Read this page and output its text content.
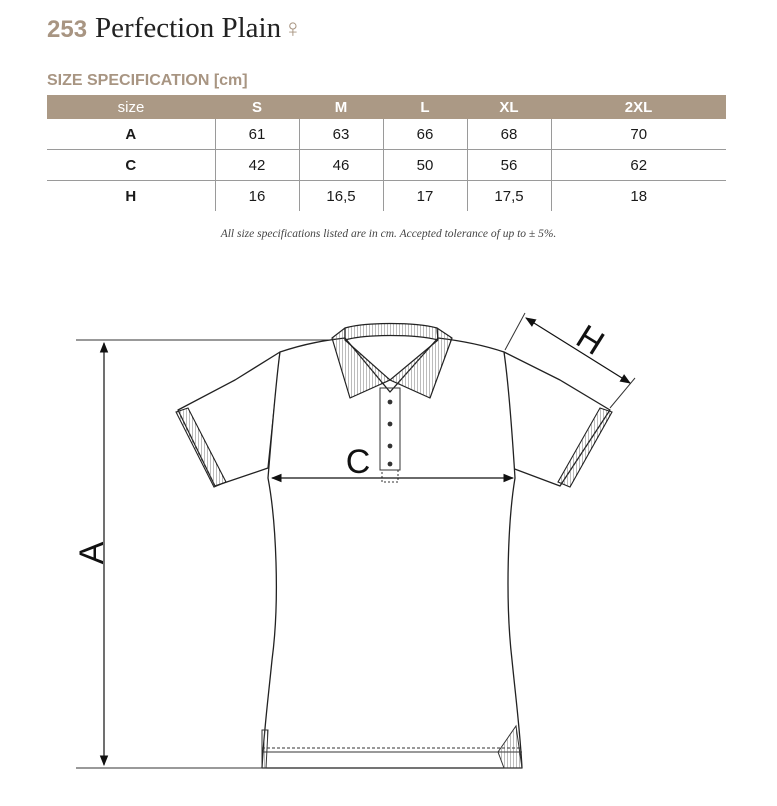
253 Perfection Plain♀
SIZE SPECIFICATION [cm]
size	S	M	L	XL	2XL
A	61	63	66	68	70
C	42	46	50	56	62
H	16	16,5	17	17,5	18
All size specifications listed are in cm. Accepted tolerance of up to ± 5%.
A
C
H
